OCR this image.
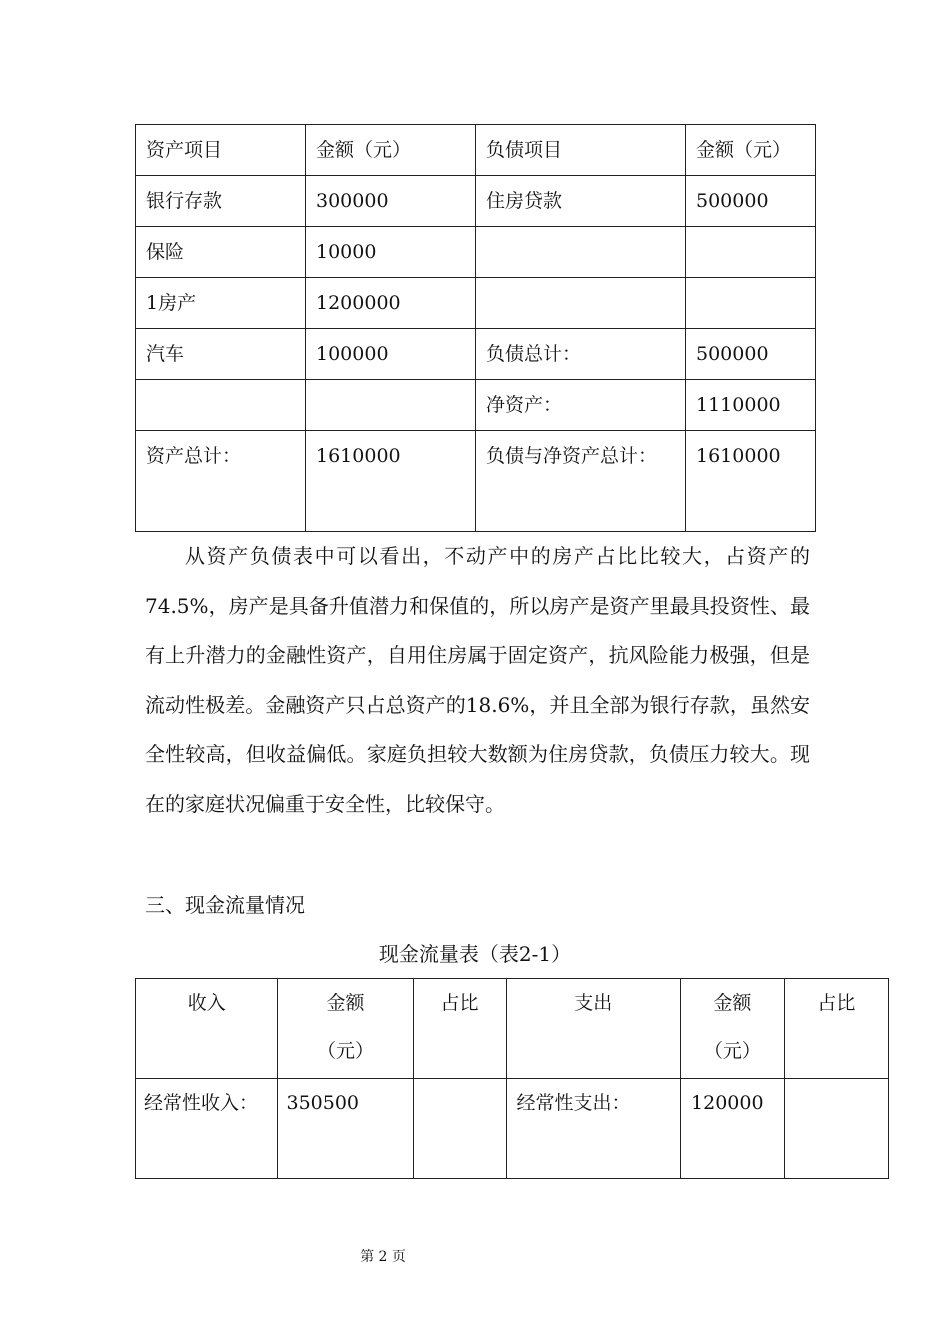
资产项目	金额（元）	负债项目	金额（元）
银行存款	300000	住房贷款	500000
保险	10000		
1房产	1200000		
汽车	100000	负债总计：	500000
		净资产：	1110000
资产总计：	1610000	负债与净资产总计：	1610000

从资产负债表中可以看出，不动产中的房产占比比较大，占资产的74.5%，房产是具备升值潜力和保值的，所以房产是资产里最具投资性、最有上升潜力的金融性资产，自用住房属于固定资产，抗风险能力极强，但是流动性极差。金融资产只占总资产的18.6%，并且全部为银行存款，虽然安全性较高，但收益偏低。家庭负担较大数额为住房贷款，负债压力较大。现在的家庭状况偏重于安全性，比较保守。

三、现金流量情况
现金流量表（表2-1）
收入	金额（元）	占比	支出	金额（元）	占比

经常性收入：	350500		经常性支出：	120000	
第 2 页
